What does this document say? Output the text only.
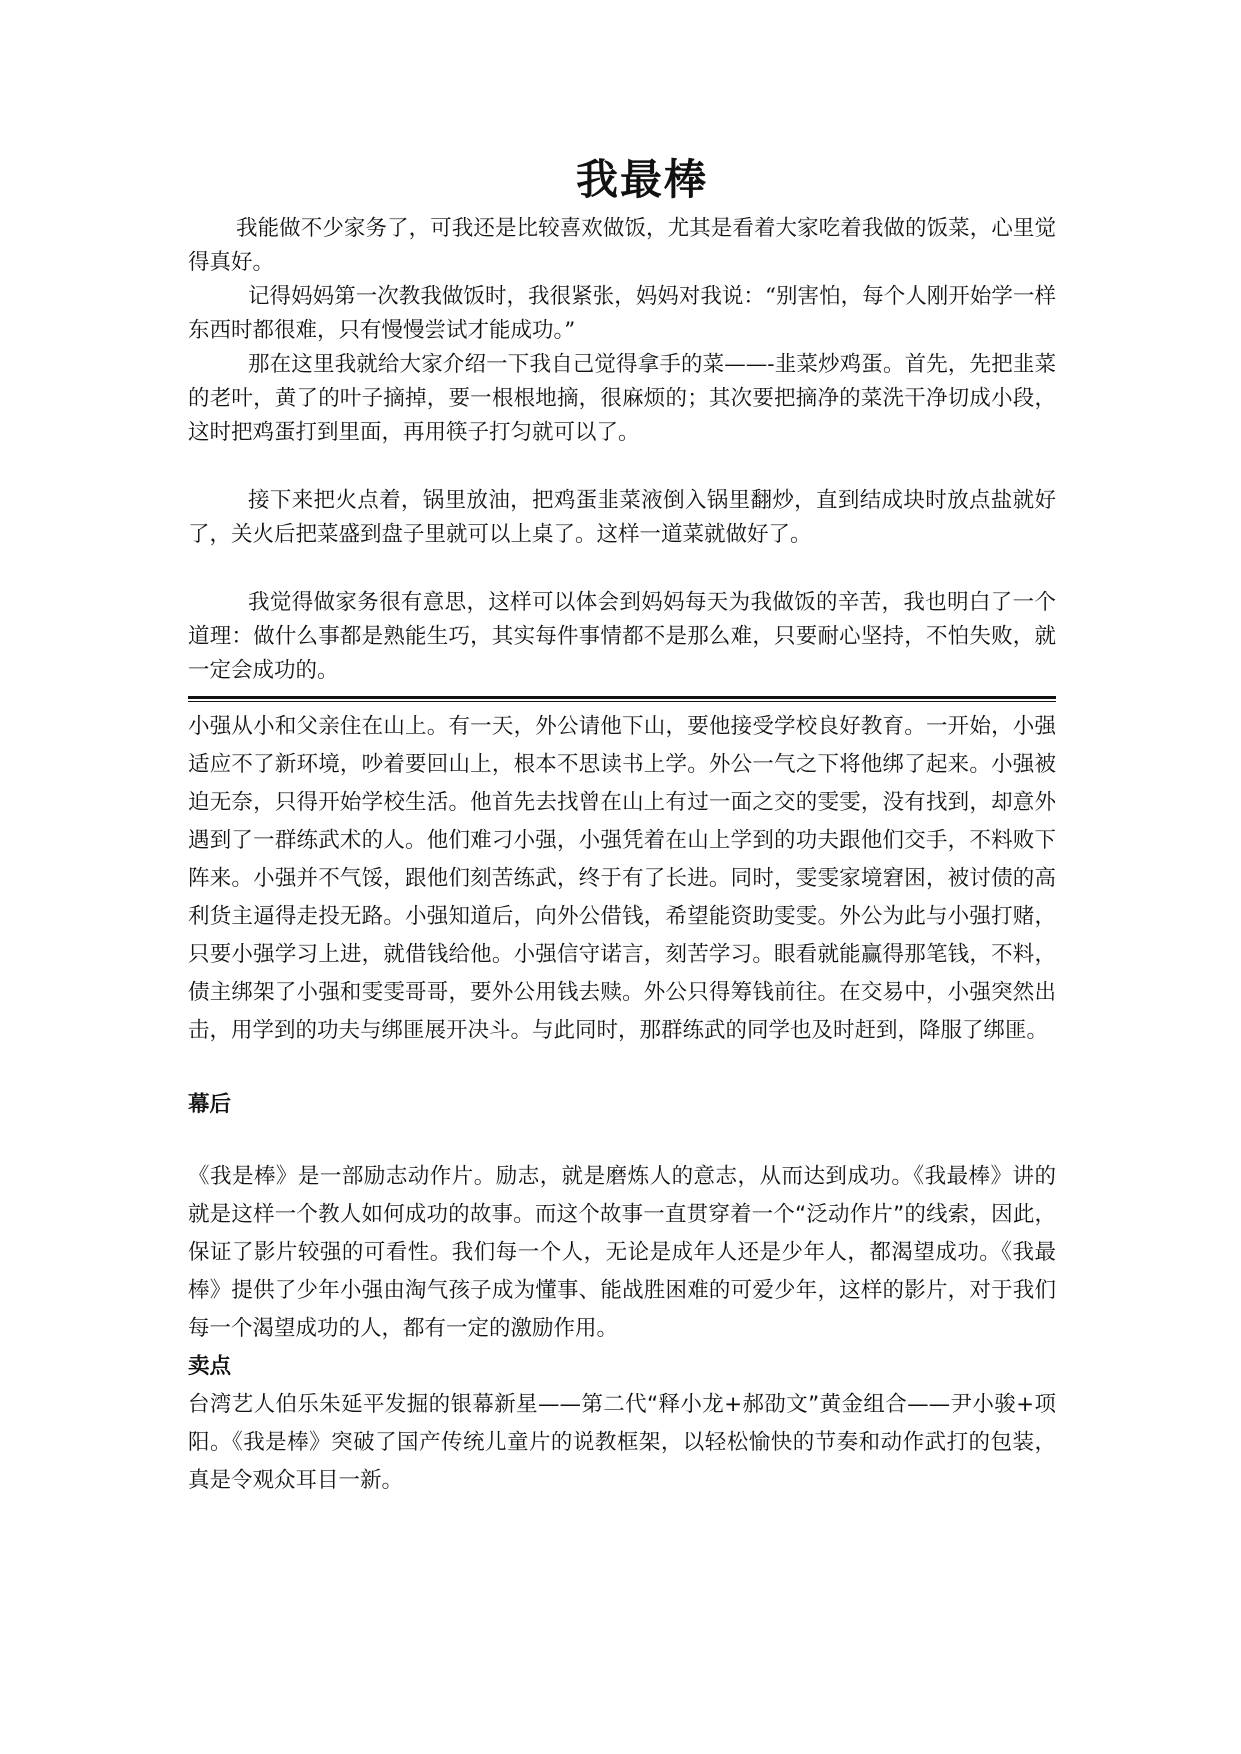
我最棒

我能做不少家务了，可我还是比较喜欢做饭，尤其是看着大家吃着我做的饭菜，心里觉得真好。

记得妈妈第一次教我做饭时，我很紧张，妈妈对我说：“别害怕，每个人刚开始学一样东西时都很难，只有慢慢尝试才能成功。”

那在这里我就给大家介绍一下我自己觉得拿手的菜——-韭菜炒鸡蛋。首先，先把韭菜的老叶，黄了的叶子摘掉，要一根根地摘，很麻烦的；其次要把摘净的菜洗干净切成小段，这时把鸡蛋打到里面，再用筷子打匀就可以了。

接下来把火点着，锅里放油，把鸡蛋韭菜液倒入锅里翻炒，直到结成块时放点盐就好了，关火后把菜盛到盘子里就可以上桌了。这样一道菜就做好了。

我觉得做家务很有意思，这样可以体会到妈妈每天为我做饭的辛苦，我也明白了一个道理：做什么事都是熟能生巧，其实每件事情都不是那么难，只要耐心坚持，不怕失败，就一定会成功的。

小强从小和父亲住在山上。有一天，外公请他下山，要他接受学校良好教育。一开始，小强适应不了新环境，吵着要回山上，根本不思读书上学。外公一气之下将他绑了起来。小强被迫无奈，只得开始学校生活。他首先去找曾在山上有过一面之交的雯雯，没有找到，却意外遇到了一群练武术的人。他们难刁小强，小强凭着在山上学到的功夫跟他们交手，不料败下阵来。小强并不气馁，跟他们刻苦练武，终于有了长进。同时，雯雯家境窘困，被讨债的高利货主逼得走投无路。小强知道后，向外公借钱，希望能资助雯雯。外公为此与小强打赌，只要小强学习上进，就借钱给他。小强信守诺言，刻苦学习。眼看就能赢得那笔钱，不料，债主绑架了小强和雯雯哥哥，要外公用钱去赎。外公只得筹钱前往。在交易中，小强突然出击，用学到的功夫与绑匪展开决斗。与此同时，那群练武的同学也及时赶到，降服了绑匪。

幕后

《我是棒》是一部励志动作片。励志，就是磨炼人的意志，从而达到成功。《我最棒》讲的就是这样一个教人如何成功的故事。而这个故事一直贯穿着一个“泛动作片”的线索，因此，保证了影片较强的可看性。我们每一个人，无论是成年人还是少年人，都渴望成功。《我最棒》提供了少年小强由淘气孩子成为懂事、能战胜困难的可爱少年，这样的影片，对于我们每一个渴望成功的人，都有一定的激励作用。

卖点

台湾艺人伯乐朱延平发掘的银幕新星——第二代“释小龙+郝劭文”黄金组合——尹小骏+项阳。《我是棒》突破了国产传统儿童片的说教框架，以轻松愉快的节奏和动作武打的包装，真是令观众耳目一新。
